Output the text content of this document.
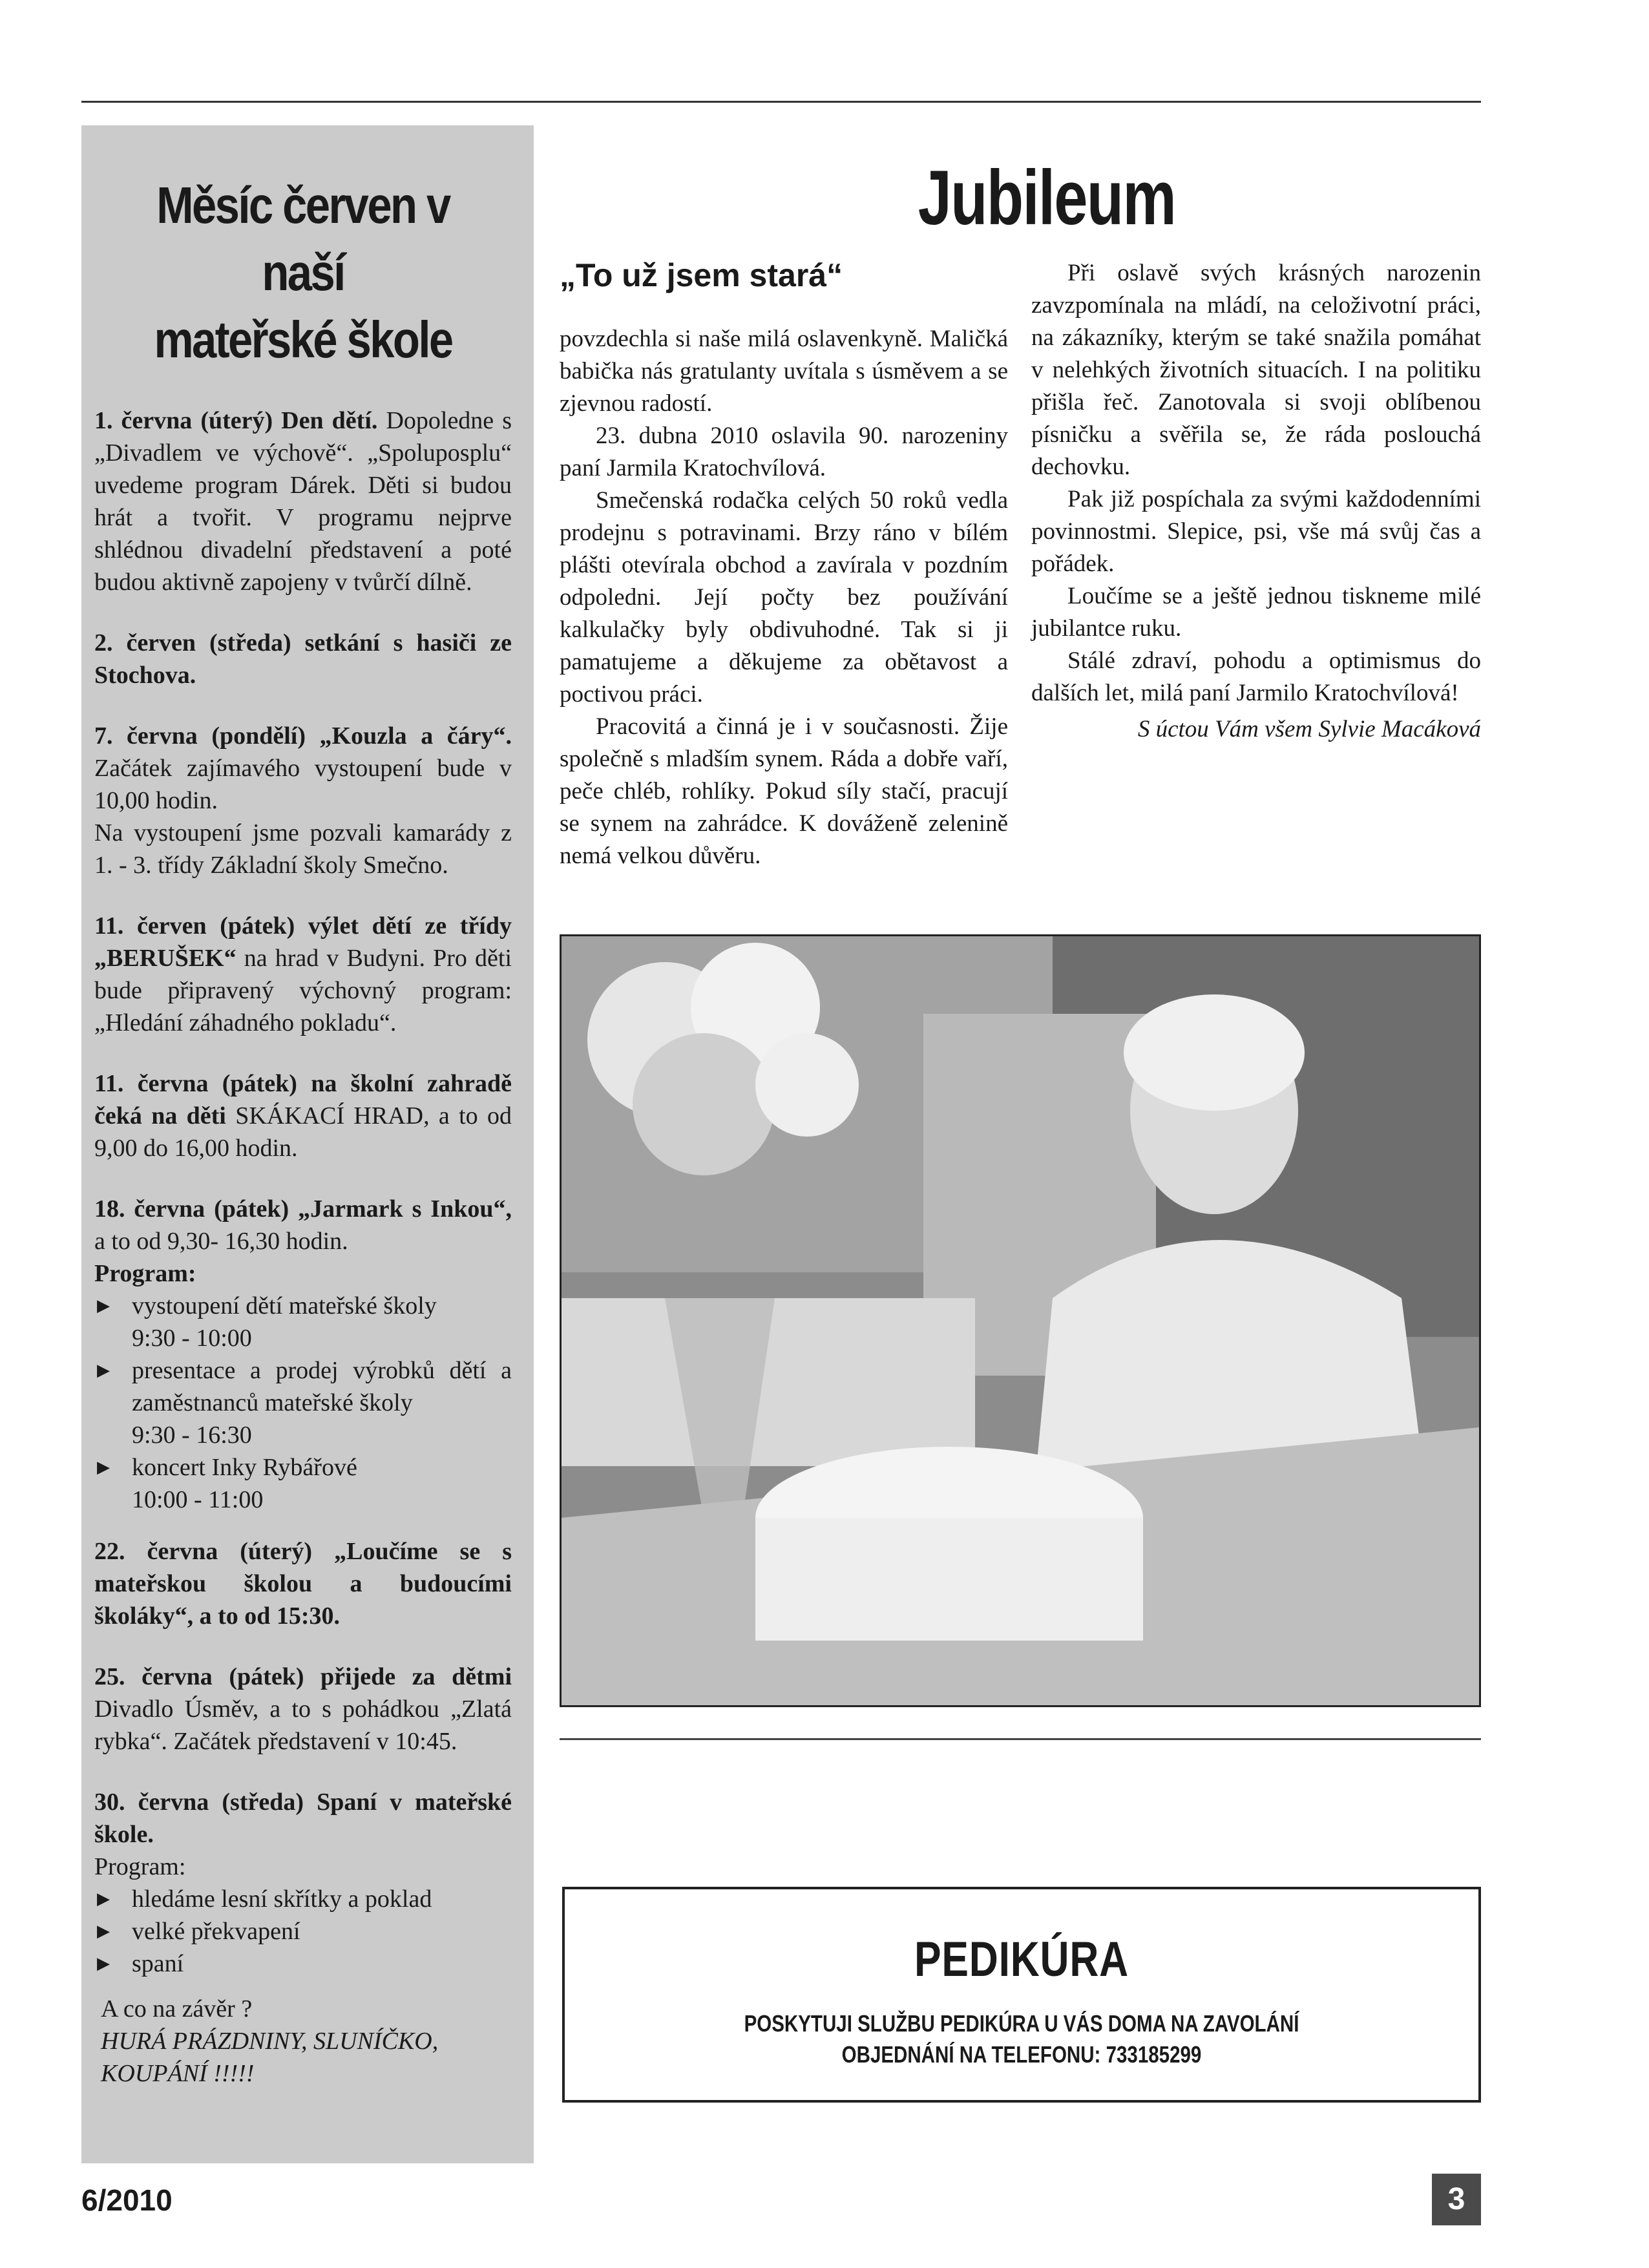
Měsíc červen v naší
mateřské škole
1. června (úterý) Den dětí. Dopoledne s „Divadlem ve výchově“. „Spoluposplu“ uvedeme program Dárek. Děti si budou hrát a tvořit. V programu nejprve shlédnou divadelní představení a poté budou aktivně zapojeny v tvůrčí dílně.
2. červen (středa) setkání s hasiči ze Stochova.
7. června (pondělí) „Kouzla a čáry“. Začátek zajímavého vystoupení bude v 10,00 hodin.

Na vystoupení jsme pozvali kamarády z 1. - 3. třídy Základní školy Smečno.

11. červen (pátek) výlet dětí ze třídy „BERUŠEK“ na hrad v Budyni. Pro děti bude připravený výchovný program: „Hledání záhadného pokladu“.
11. června (pátek) na školní zahradě čeká na děti SKÁKACÍ HRAD, a to od 9,00 do 16,00 hodin.
18. června (pátek) „Jarmark s Inkou“, a to od 9,30- 16,30 hodin.

Program:

▶ vystoupení dětí mateřské školy
9:30 - 10:00
▶ presentace a prodej výrobků dětí a zaměstnanců mateřské školy
9:30 - 16:30
▶ koncert Inky Rybářové
10:00 - 11:00
22. června (úterý) „Loučíme se s mateřskou školou a budoucími školáky“, a to od 15:30.
25. června (pátek) přijede za dětmi Divadlo Úsměv, a to s pohádkou „Zlatá rybka“. Začátek představení v 10:45.
30. června (středa) Spaní v mateřské škole.

Program:

▶ hledáme lesní skřítky a poklad
▶ velké překvapení
▶ spaní

A co na závěr ?

HURÁ PRÁZDNINY, SLUNÍČKO, KOUPÁNÍ !!!!!

Jubileum
„To už jsem stará“

povzdechla si naše milá oslavenkyně. Maličká babička nás gratulanty uvítala s úsměvem a se zjevnou radostí.

23. dubna 2010 oslavila 90. narozeniny paní Jarmila Kratochvílová.

Smečenská rodačka celých 50 roků vedla prodejnu s potravinami. Brzy ráno v bílém plášti otevírala obchod a zavírala v pozdním odpoledni. Její počty bez používání kalkulačky byly obdivuhodné. Tak si ji pamatujeme a děkujeme za obětavost a poctivou práci.

Pracovitá a činná je i v současnosti. Žije společně s mladším synem. Ráda a dobře vaří, peče chléb, rohlíky. Pokud síly stačí, pracují se synem na zahrádce. K dováženě zelenině nemá velkou důvěru.

Při oslavě svých krásných narozenin zavzpomínala na mládí, na celoživotní práci, na zákazníky, kterým se také snažila pomáhat v nelehkých životních situacích. I na politiku přišla řeč. Zanotovala si svoji oblíbenou písničku a svěřila se, že ráda poslouchá dechovku.

Pak již pospíchala za svými každodenními povinnostmi. Slepice, psi, vše má svůj čas a pořádek.

Loučíme se a ještě jednou tiskneme milé jubilantce ruku.

Stálé zdraví, pohodu a optimismus do dalších let, milá paní Jarmilo Kratochvílová!

S úctou Vám všem Sylvie Macáková

PEDIKÚRA
POSKYTUJI SLUŽBU PEDIKÚRA U VÁS DOMA NA ZAVOLÁNÍ
OBJEDNÁNÍ NA TELEFONU: 733185299
6/2010	3
